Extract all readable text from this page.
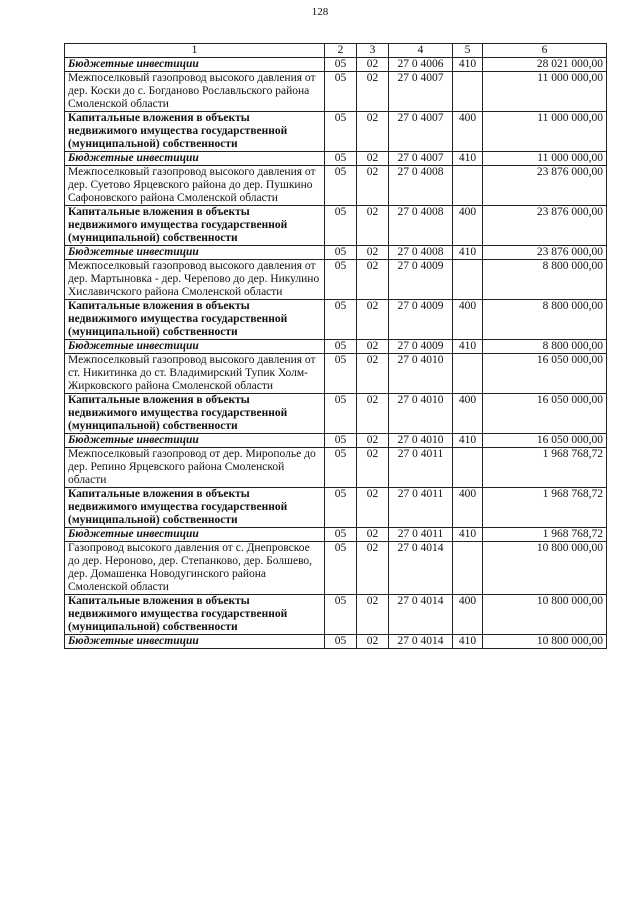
128
1	2	3	4	5	6
Бюджетные инвестиции	05	02	27 0 4006	410	28 021 000,00
Межпоселковый газопровод высокого давления от дер. Коски до с. Богданово Рославльского района Смоленской области	05	02	27 0 4007		11 000 000,00
Капитальные вложения в объекты недвижимого имущества государственной (муниципальной) собственности	05	02	27 0 4007	400	11 000 000,00
Бюджетные инвестиции	05	02	27 0 4007	410	11 000 000,00
Межпоселковый газопровод высокого давления от дер. Суетово Ярцевского района до дер. Пушкино Сафоновского района Смоленской области	05	02	27 0 4008		23 876 000,00
Капитальные вложения в объекты недвижимого имущества государственной (муниципальной) собственности	05	02	27 0 4008	400	23 876 000,00
Бюджетные инвестиции	05	02	27 0 4008	410	23 876 000,00
Межпоселковый газопровод высокого давления от дер. Мартыновка - дер. Черепово до дер. Никулино Хиславичского района Смоленской области	05	02	27 0 4009		8 800 000,00
Капитальные вложения в объекты недвижимого имущества государственной (муниципальной) собственности	05	02	27 0 4009	400	8 800 000,00
Бюджетные инвестиции	05	02	27 0 4009	410	8 800 000,00
Межпоселковый газопровод высокого давления от ст. Никитинка до ст. Владимирский Тупик Холм-Жирковского района Смоленской области	05	02	27 0 4010		16 050 000,00
Капитальные вложения в объекты недвижимого имущества государственной (муниципальной) собственности	05	02	27 0 4010	400	16 050 000,00
Бюджетные инвестиции	05	02	27 0 4010	410	16 050 000,00
Межпоселковый газопровод от дер. Мирополье до дер. Репино Ярцевского района Смоленской области	05	02	27 0 4011		1 968 768,72
Капитальные вложения в объекты недвижимого имущества государственной (муниципальной) собственности	05	02	27 0 4011	400	1 968 768,72
Бюджетные инвестиции	05	02	27 0 4011	410	1 968 768,72
Газопровод высокого давления от с. Днепровское до дер. Нероново, дер. Степанково, дер. Болшево, дер. Домашенка Новодугинского района Смоленской области	05	02	27 0 4014		10 800 000,00
Капитальные вложения в объекты недвижимого имущества государственной (муниципальной) собственности	05	02	27 0 4014	400	10 800 000,00
Бюджетные инвестиции	05	02	27 0 4014	410	10 800 000,00
